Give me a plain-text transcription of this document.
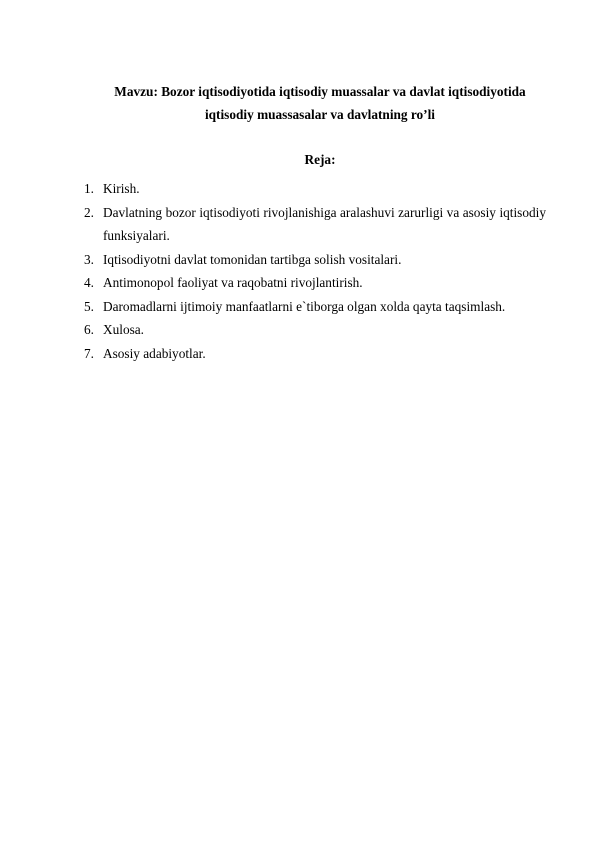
Mavzu: Bozor iqtisodiyotida iqtisodiy muassalar va davlat iqtisodiyotida
iqtisodiy muassasalar va davlatning ro’li
Reja:
1. Kirish.
2. Davlatning bozor iqtisodiyoti rivojlanishiga aralashuvi zarurligi va asosiy iqtisodiy funksiyalari.
3. Iqtisodiyotni davlat tomonidan tartibga solish vositalari.
4. Antimonopol faoliyat va raqobatni rivojlantirish.
5. Daromadlarni ijtimoiy manfaatlarni e`tiborga olgan xolda qayta taqsimlash.
6. Xulosa.
7. Asosiy adabiyotlar.
